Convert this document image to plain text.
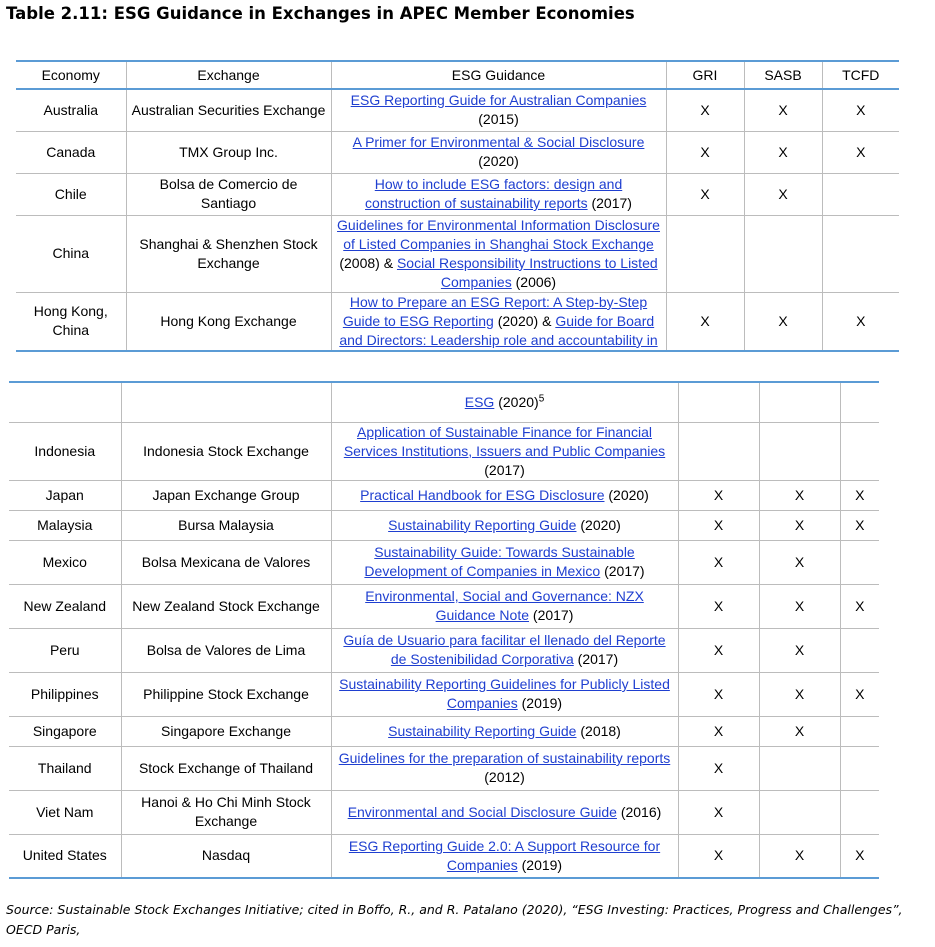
Table 2.11: ESG Guidance in Exchanges in APEC Member Economies
Economy	Exchange	ESG Guidance	GRI	SASB	TCFD
Australia	Australian Securities Exchange	ESG Reporting Guide for Australian Companies (2015)	X	X	X
Canada	TMX Group Inc.	A Primer for Environmental & Social Disclosure (2020)	X	X	X
Chile	Bolsa de Comercio de Santiago	How to include ESG factors: design and construction of sustainability reports (2017)	X	X	
China	Shanghai & Shenzhen Stock Exchange	Guidelines for Environmental Information Disclosure of Listed Companies in Shanghai Stock Exchange (2008) & Social Responsibility Instructions to Listed Companies (2006)			
Hong Kong, China	Hong Kong Exchange	How to Prepare an ESG Report: A Step-by-Step Guide to ESG Reporting (2020) & Guide for Board and Directors: Leadership role and accountability in	X	X	X
		ESG $(2020)^5$			
Indonesia	Indonesia Stock Exchange	Application of Sustainable Finance for Financial Services Institutions, Issuers and Public Companies (2017)			
Japan	Japan Exchange Group	Practical Handbook for ESG Disclosure (2020)	X	X	X
Malaysia	Bursa Malaysia	Sustainability Reporting Guide (2020)	X	X	X
Mexico	Bolsa Mexicana de Valores	Sustainability Guide: Towards Sustainable Development of Companies in Mexico (2017)	X	X	
New Zealand	New Zealand Stock Exchange	Environmental, Social and Governance: NZX Guidance Note (2017)	X	X	X
Peru	Bolsa de Valores de Lima	Guía de Usuario para facilitar el llenado del Reporte de Sostenibilidad Corporativa (2017)	X	X	
Philippines	Philippine Stock Exchange	Sustainability Reporting Guidelines for Publicly Listed Companies (2019)	X	X	X
Singapore	Singapore Exchange	Sustainability Reporting Guide (2018)	X	X	
Thailand	Stock Exchange of Thailand	Guidelines for the preparation of sustainability reports (2012)	X		
Viet Nam	Hanoi & Ho Chi Minh Stock Exchange	Environmental and Social Disclosure Guide (2016)	X		
United States	Nasdaq	ESG Reporting Guide 2.0: A Support Resource for Companies (2019)	X	X	X
Source: Sustainable Stock Exchanges Initiative; cited in Boffo, R., and R. Patalano (2020), “ESG Investing: Practices, Progress and Challenges”, OECD Paris,
